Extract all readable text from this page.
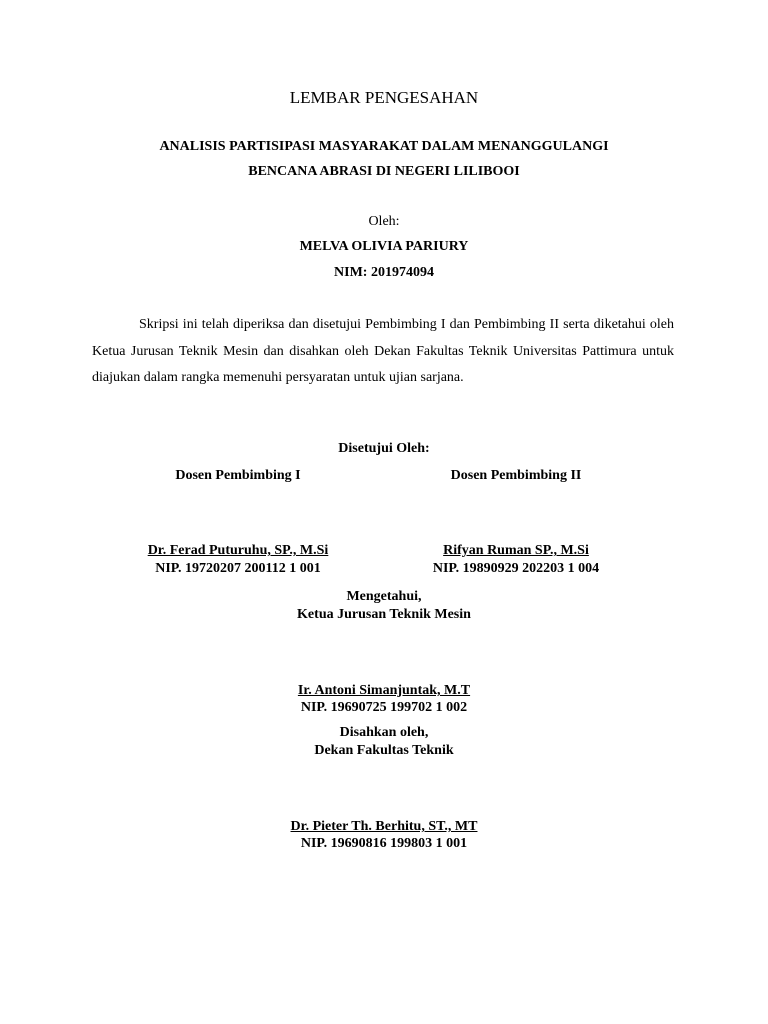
LEMBAR PENGESAHAN
ANALISIS PARTISIPASI MASYARAKAT DALAM MENANGGULANGI
BENCANA ABRASI DI NEGERI LILIBOOI
Oleh:
MELVA OLIVIA PARIURY
NIM: 201974094

Skripsi ini telah diperiksa dan disetujui Pembimbing I dan Pembimbing II serta diketahui oleh Ketua Jurusan Teknik Mesin dan disahkan oleh Dekan Fakultas Teknik Universitas Pattimura untuk diajukan dalam rangka memenuhi persyaratan untuk ujian sarjana.

Disetujui Oleh:
Dosen Pembimbing I	Dosen Pembimbing II
Dr. Ferad Puturuhu, SP., M.Si	Rifyan Ruman SP., M.Si
NIP. 19720207 200112 1 001	NIP. 19890929 202203 1 004
Mengetahui,
Ketua Jurusan Teknik Mesin
Ir. Antoni Simanjuntak, M.T
NIP. 19690725 199702 1 002
Disahkan oleh,
Dekan Fakultas Teknik
Dr. Pieter Th. Berhitu, ST., MT
NIP. 19690816 199803 1 001
